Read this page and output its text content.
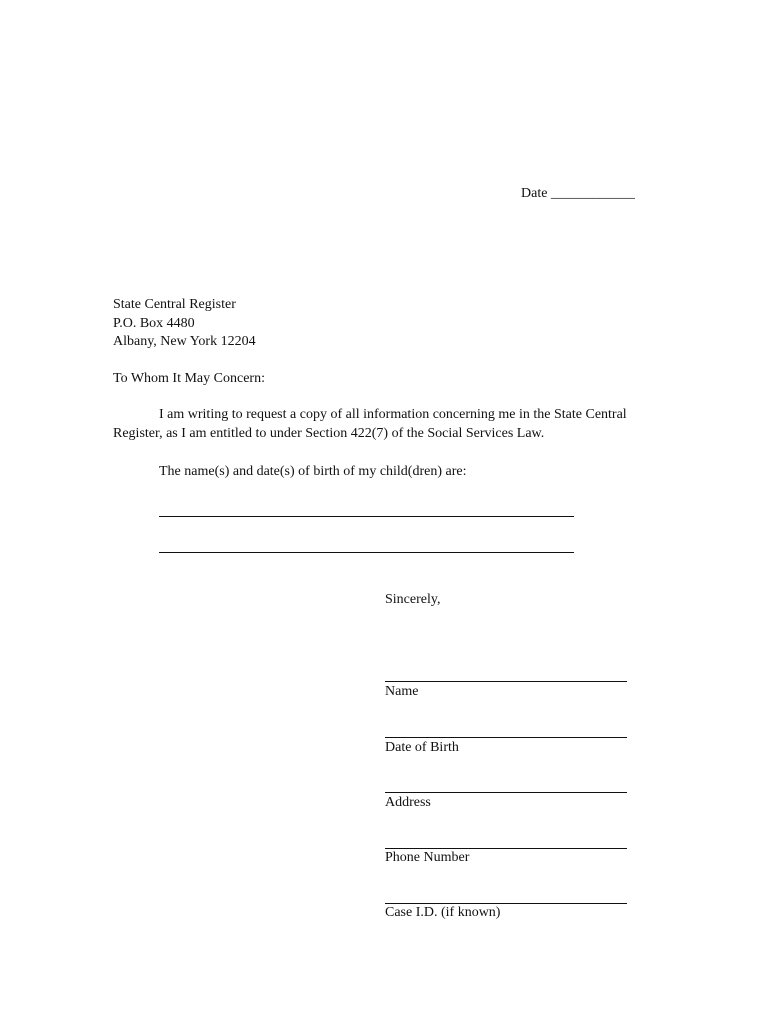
Date ____________
State Central Register
P.O. Box 4480
Albany, New York 12204
To Whom It May Concern:
I am writing to request a copy of all information concerning me in the State Central Register, as I am entitled to under Section 422(7) of the Social Services Law.
The name(s) and date(s) of birth of my child(dren) are:
Sincerely,
Name
Date of Birth
Address
Phone Number
Case I.D. (if known)
